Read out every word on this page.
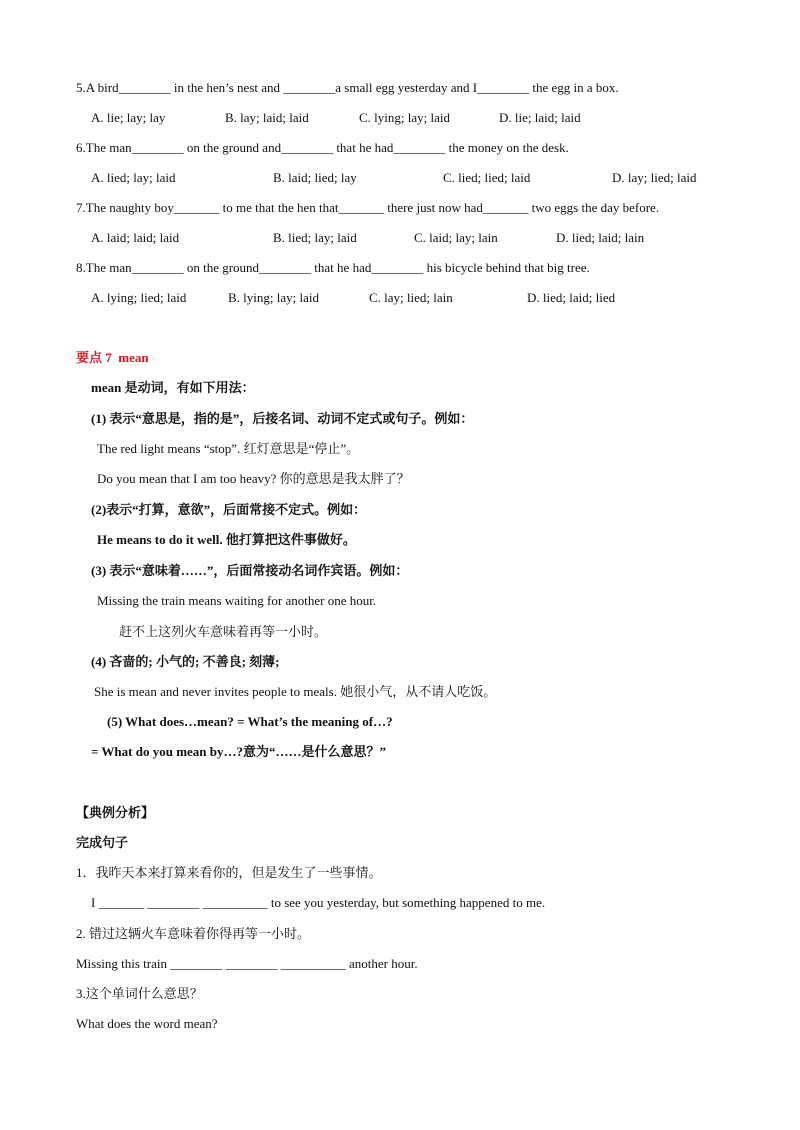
5.A bird________ in the hen’s nest and ________a small egg yesterday and I________ the egg in a box.
A. lie; lay; lay	B. lay; laid; laid	C. lying; lay; laid	D. lie; laid; laid
6.The man________ on the ground and________ that he had________ the money on the desk.
A. lied; lay; laid	B. laid; lied; lay	C. lied; lied; laid	D. lay; lied; laid
7.The naughty boy_______ to me that the hen that_______ there just now had_______ two eggs the day before.
A. laid; laid; laid	B. lied; lay; laid	C. laid; lay; lain	D. lied; laid; lain
8.The man________ on the ground________ that he had________ his bicycle behind that big tree.
A. lying; lied; laid	B. lying; lay; laid	C. lay; lied; lain	D. lied; laid; lied
要点 7  mean
mean 是动词，有如下用法：
(1) 表示“意思是，指的是”，后接名词、动词不定式或句子。例如：
The red light means “stop”. 红灯意思是“停止”。
Do you mean that I am too heavy? 你的意思是我太胖了？
(2)表示“打算，意欲”，后面常接不定式。例如：
He means to do it well. 他打算把这件事做好。
(3) 表示“意味着……”，后面常接动名词作宾语。例如：
Missing the train means waiting for another one hour.
赶不上这列火车意味着再等一小时。
(4) 吝啬的; 小气的; 不善良; 刻薄;
She is mean and never invites people to meals. 她很小气，从不请人吃饭。
(5) What does…mean? = What’s the meaning of…?
= What do you mean by…?意为“……是什么意思？”
【典例分析】
完成句子
1．我昨天本来打算来看你的，但是发生了一些事情。
I _______ ________ __________ to see you yesterday, but something happened to me.
2. 错过这辆火车意味着你得再等一小时。
Missing this train ________ ________ __________ another hour.
3.这个单词什么意思？
What does the word mean?
